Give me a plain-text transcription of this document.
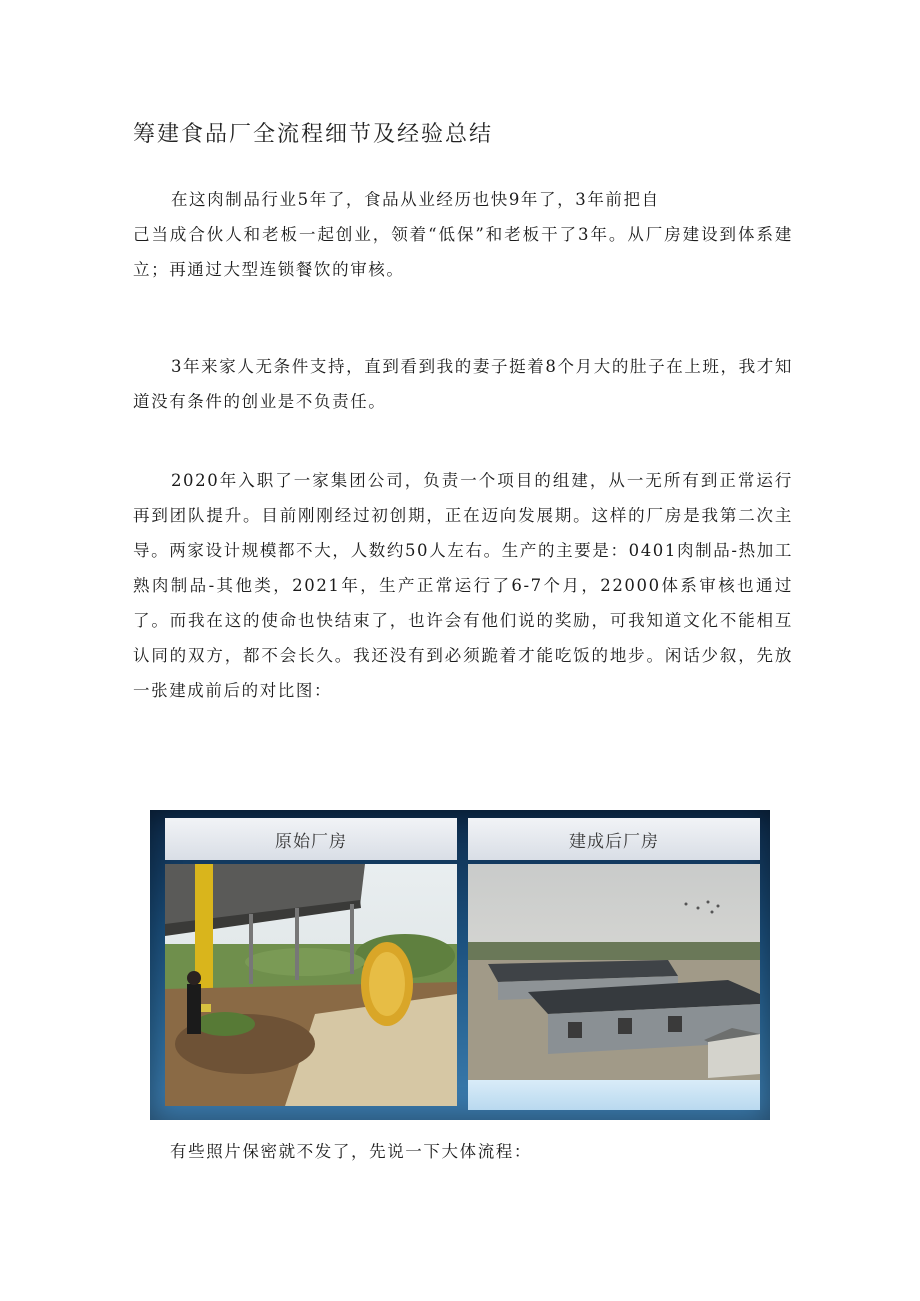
筹建食品厂全流程细节及经验总结

在这肉制品行业5年了，食品从业经历也快9年了，3年前把自
己当成合伙人和老板一起创业，领着“低保”和老板干了3年。从厂房建设到体系建立；再通过大型连锁餐饮的审核。

3年来家人无条件支持，直到看到我的妻子挺着8个月大的肚子在上班，我才知道没有条件的创业是不负责任。

2020年入职了一家集团公司，负责一个项目的组建，从一无所有到正常运行再到团队提升。目前刚刚经过初创期，正在迈向发展期。这样的厂房是我第二次主导。两家设计规模都不大，人数约50人左右。生产的主要是：0401肉制品-热加工熟肉制品-其他类，2021年，生产正常运行了6-7个月，22000体系审核也通过了。而我在这的使命也快结束了，也许会有他们说的奖励，可我知道文化不能相互认同的双方，都不会长久。我还没有到必须跪着才能吃饭的地步。闲话少叙，先放一张建成前后的对比图：

原始厂房	建成后厂房
有些照片保密就不发了，先说一下大体流程：
